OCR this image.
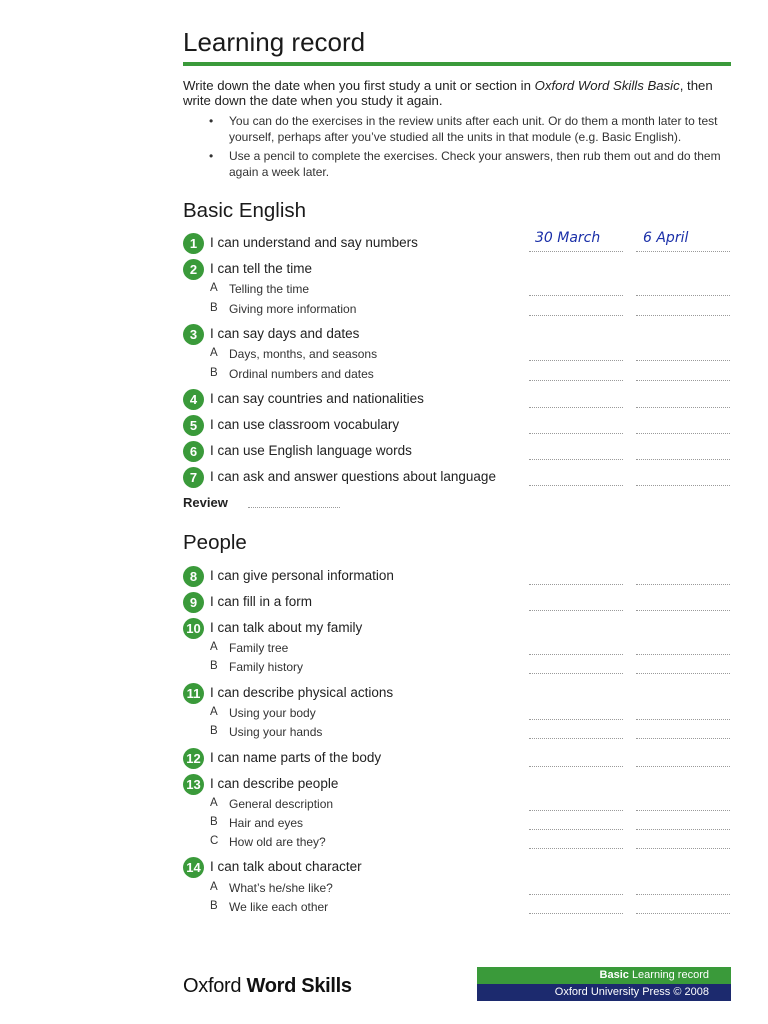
Learning record
Write down the date when you first study a unit or section in Oxford Word Skills Basic, then write down the date when you study it again.
• You can do the exercises in the review units after each unit. Or do them a month later to test yourself, perhaps after you’ve studied all the units in that module (e.g. Basic English).
• Use a pencil to complete the exercises. Check your answers, then rub them out and do them again a week later.
Basic English
1 I can understand and say numbers	30 March	6 April
2 I can tell the time
A Telling the time
B Giving more information
3 I can say days and dates
A Days, months, and seasons
B Ordinal numbers and dates
4 I can say countries and nationalities
5 I can use classroom vocabulary
6 I can use English language words
7 I can ask and answer questions about language
Review
People
8 I can give personal information
9 I can fill in a form
10 I can talk about my family
A Family tree
B Family history
11 I can describe physical actions
A Using your body
B Using your hands
12 I can name parts of the body
13 I can describe people
A General description
B Hair and eyes
C How old are they?
14 I can talk about character
A What’s he/she like?
B We like each other
Oxford Word Skills	Basic Learning record
Oxford University Press © 2008
